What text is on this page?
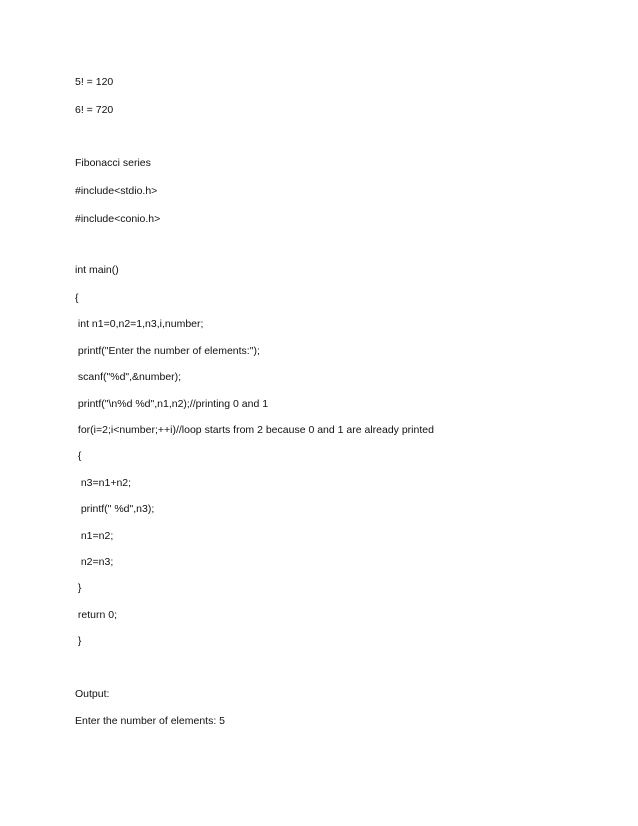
5! = 120
6! = 720
Fibonacci series
#include<stdio.h>
#include<conio.h>
int main()
{
int n1=0,n2=1,n3,i,number;
printf("Enter the number of elements:");
scanf("%d",&number);
printf("\n%d %d",n1,n2);//printing 0 and 1
for(i=2;i<number;++i)//loop starts from 2 because 0 and 1 are already printed
{
n3=n1+n2;
printf(" %d",n3);
n1=n2;
n2=n3;
}
return 0;
}
Output:
Enter the number of elements: 5
